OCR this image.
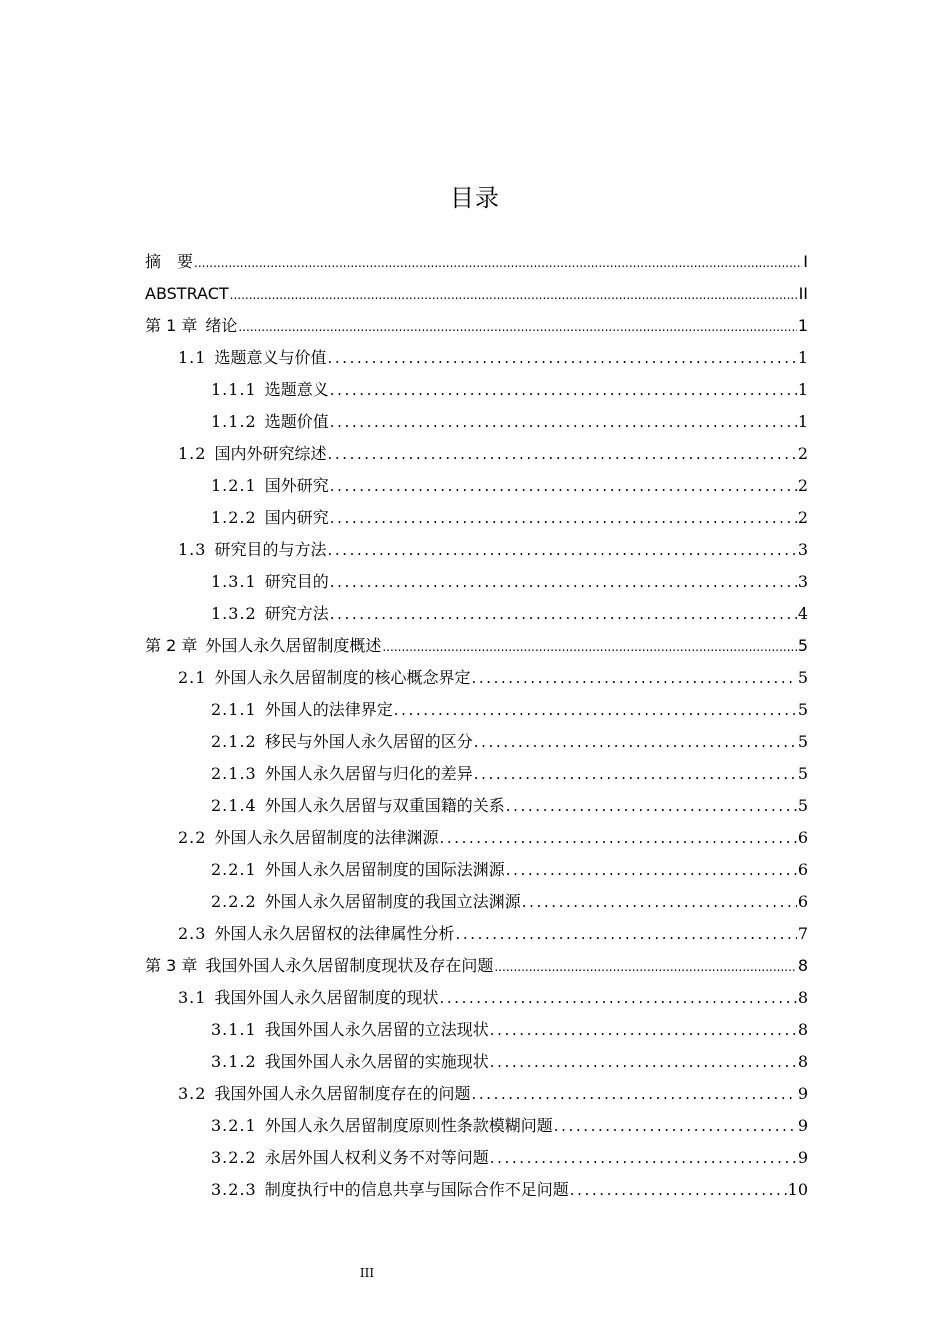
目录
摘　要 .....	I
ABSTRACT .....	II
第 1 章 绪论 .....	1
1.1 选题意义与价值 .....	1
1.1.1 选题意义 .....	1
1.1.2 选题价值 .....	1
1.2 国内外研究综述 .....	2
1.2.1 国外研究 .....	2
1.2.2 国内研究 .....	2
1.3 研究目的与方法 .....	3
1.3.1 研究目的 .....	3
1.3.2 研究方法 .....	4
第 2 章 外国人永久居留制度概述 .....	5
2.1 外国人永久居留制度的核心概念界定 .....	5
2.1.1 外国人的法律界定 .....	5
2.1.2 移民与外国人永久居留的区分 .....	5
2.1.3 外国人永久居留与归化的差异 .....	5
2.1.4 外国人永久居留与双重国籍的关系 .....	5
2.2 外国人永久居留制度的法律渊源 .....	6
2.2.1 外国人永久居留制度的国际法渊源 .....	6
2.2.2 外国人永久居留制度的我国立法渊源 .....	6
2.3 外国人永久居留权的法律属性分析 .....	7
第 3 章 我国外国人永久居留制度现状及存在问题 .....	8
3.1 我国外国人永久居留制度的现状 .....	8
3.1.1 我国外国人永久居留的立法现状 .....	8
3.1.2 我国外国人永久居留的实施现状 .....	8
3.2 我国外国人永久居留制度存在的问题 .....	9
3.2.1 外国人永久居留制度原则性条款模糊问题 .....	9
3.2.2 永居外国人权利义务不对等问题 .....	9
3.2.3 制度执行中的信息共享与国际合作不足问题 .....	10
III
